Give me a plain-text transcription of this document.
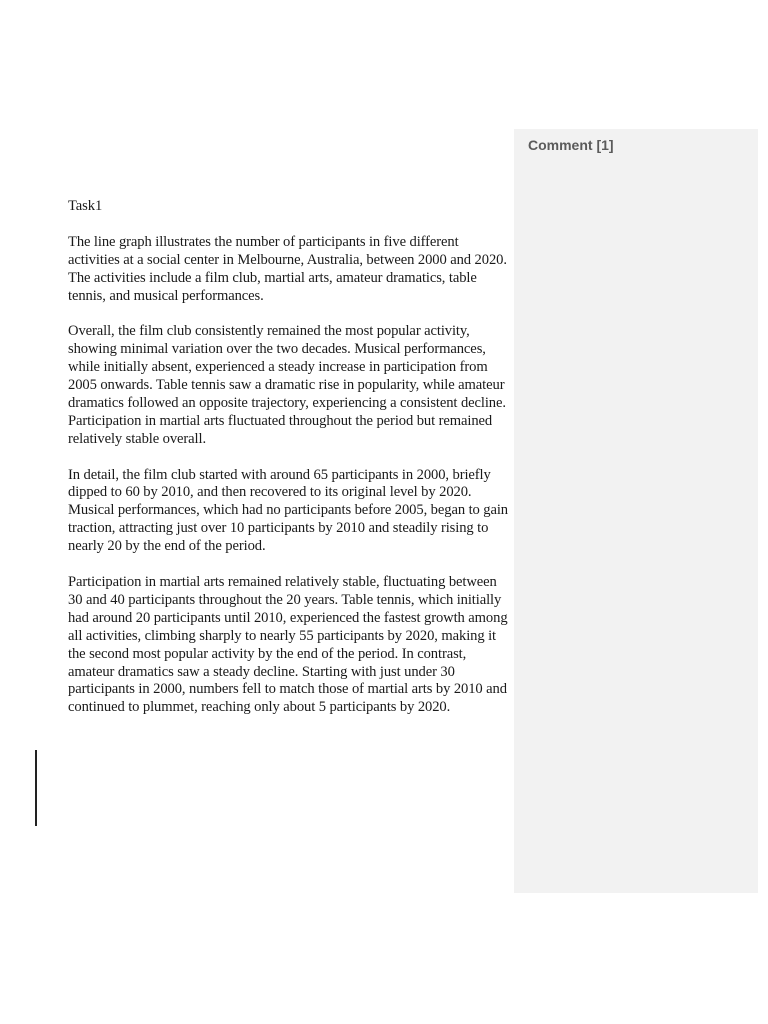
Task1

The line graph illustrates the number of participants in five different activities at a social center in Melbourne, Australia, between 2000 and 2020. The activities include a film club, martial arts, amateur dramatics, table tennis, and musical performances.

Overall, the film club consistently remained the most popular activity, showing minimal variation over the two decades. Musical performances, while initially absent, experienced a steady increase in participation from 2005 onwards. Table tennis saw a dramatic rise in popularity, while amateur dramatics followed an opposite trajectory, experiencing a consistent decline. Participation in martial arts fluctuated throughout the period but remained relatively stable overall.

In detail, the film club started with around 65 participants in 2000, briefly dipped to 60 by 2010, and then recovered to its original level by 2020. Musical performances, which had no participants before 2005, began to gain traction, attracting just over 10 participants by 2010 and steadily rising to nearly 20 by the end of the period.

Participation in martial arts remained relatively stable, fluctuating between 30 and 40 participants throughout the 20 years. Table tennis, which initially had around 20 participants until 2010, experienced the fastest growth among all activities, climbing sharply to nearly 55 participants by 2020, making it the second most popular activity by the end of the period. In contrast, amateur dramatics saw a steady decline. Starting with just under 30 participants in 2000, numbers fell to match those of martial arts by 2010 and continued to plummet, reaching only about 5 participants by 2020.

Comment [1]
